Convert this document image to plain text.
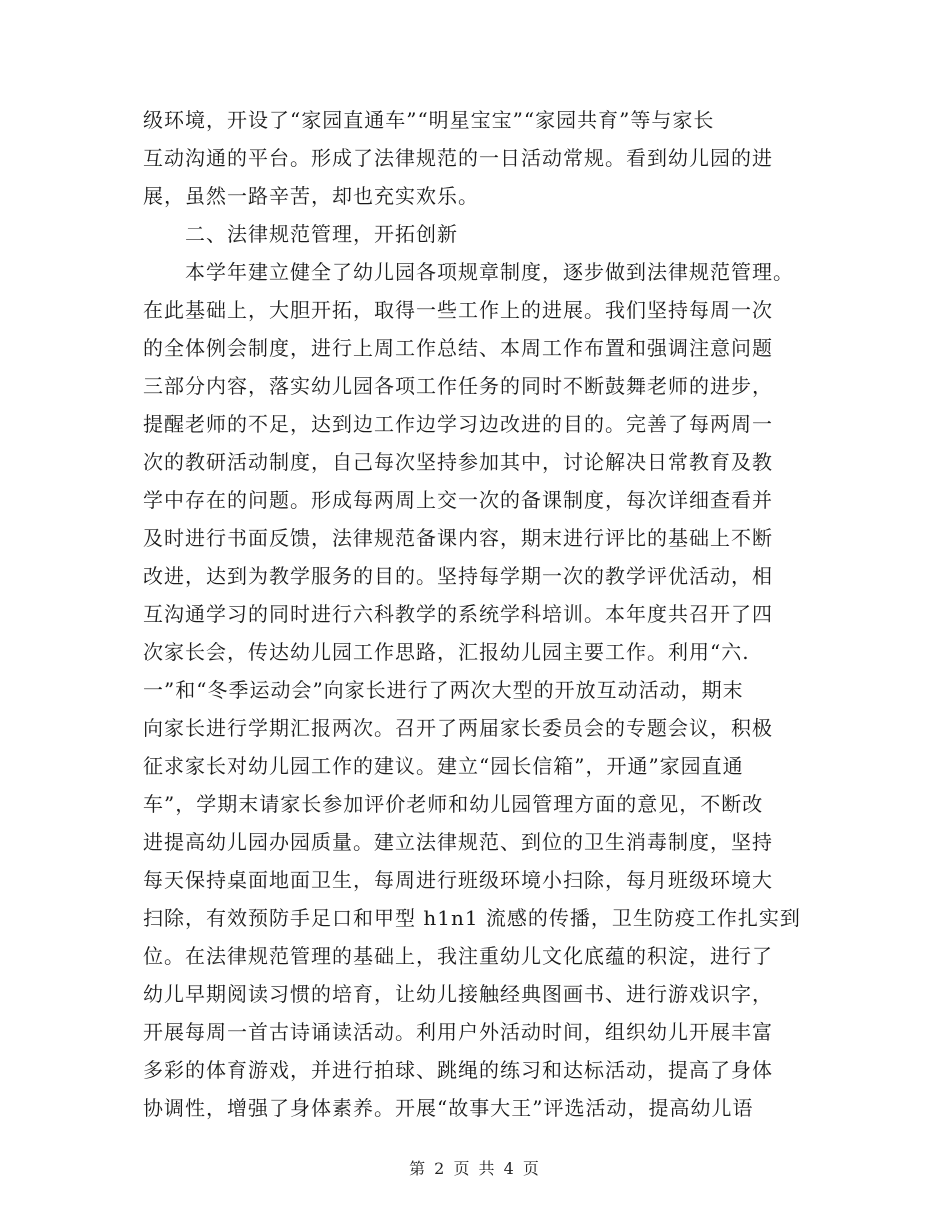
级环境，开设了“家园直通车”“明星宝宝”“家园共育”等与家长
互动沟通的平台。形成了法律规范的一日活动常规。看到幼儿园的进
展，虽然一路辛苦，却也充实欢乐。
二、法律规范管理，开拓创新
本学年建立健全了幼儿园各项规章制度，逐步做到法律规范管理。
在此基础上，大胆开拓，取得一些工作上的进展。我们坚持每周一次
的全体例会制度，进行上周工作总结、本周工作布置和强调注意问题
三部分内容，落实幼儿园各项工作任务的同时不断鼓舞老师的进步，
提醒老师的不足，达到边工作边学习边改进的目的。完善了每两周一
次的教研活动制度，自己每次坚持参加其中，讨论解决日常教育及教
学中存在的问题。形成每两周上交一次的备课制度，每次详细查看并
及时进行书面反馈，法律规范备课内容，期末进行评比的基础上不断
改进，达到为教学服务的目的。坚持每学期一次的教学评优活动，相
互沟通学习的同时进行六科教学的系统学科培训。本年度共召开了四
次家长会，传达幼儿园工作思路，汇报幼儿园主要工作。利用“六.
一”和“冬季运动会”向家长进行了两次大型的开放互动活动，期末
向家长进行学期汇报两次。召开了两届家长委员会的专题会议，积极
征求家长对幼儿园工作的建议。建立“园长信箱”，开通”家园直通
车”，学期末请家长参加评价老师和幼儿园管理方面的意见，不断改
进提高幼儿园办园质量。建立法律规范、到位的卫生消毒制度，坚持
每天保持桌面地面卫生，每周进行班级环境小扫除，每月班级环境大
扫除，有效预防手足口和甲型 h1n1 流感的传播，卫生防疫工作扎实到
位。在法律规范管理的基础上，我注重幼儿文化底蕴的积淀，进行了
幼儿早期阅读习惯的培育，让幼儿接触经典图画书、进行游戏识字，
开展每周一首古诗诵读活动。利用户外活动时间，组织幼儿开展丰富
多彩的体育游戏，并进行拍球、跳绳的练习和达标活动，提高了身体
协调性，增强了身体素养。开展“故事大王”评选活动，提高幼儿语
第 2 页 共 4 页
